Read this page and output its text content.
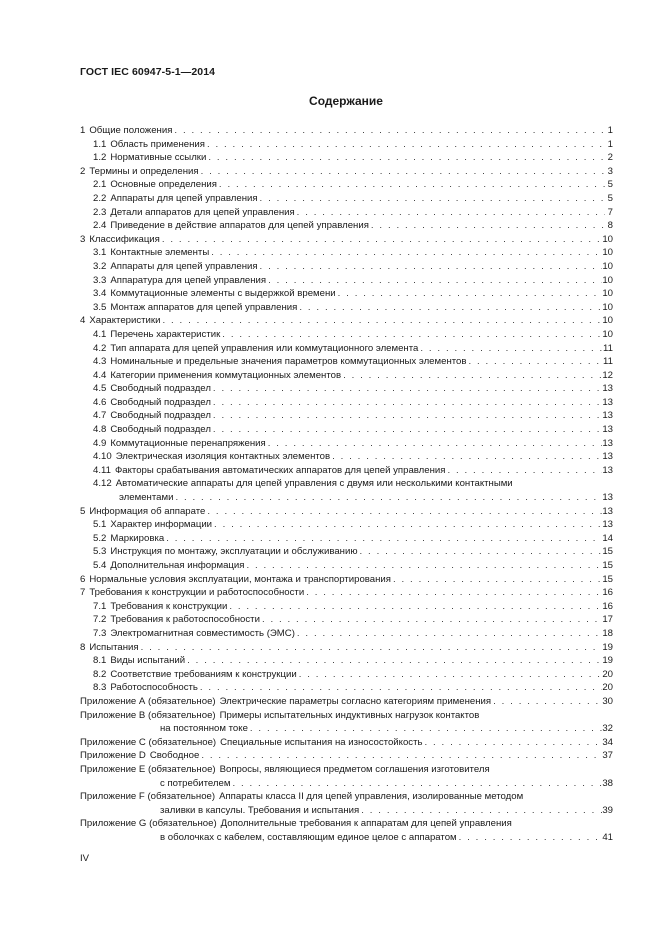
ГОСТ IEC 60947-5-1—2014
Содержание
1 Общие положения . . .	1
1.1 Область применения . . .	1
1.2 Нормативные ссылки . . .	2
2 Термины и определения . . .	3
2.1 Основные определения . . .	5
2.2 Аппараты для цепей управления . . .	5
2.3 Детали аппаратов для цепей управления . . .	7
2.4 Приведение в действие аппаратов для цепей управления . . .	8
3 Классификация . . .	10
3.1 Контактные элементы . . .	10
3.2 Аппараты для цепей управления . . .	10
3.3 Аппаратура для цепей управления . . .	10
3.4 Коммутационные элементы с выдержкой времени . . .	10
3.5 Монтаж аппаратов для цепей управления . . .	10
4 Характеристики . . .	10
4.1 Перечень характеристик . . .	10
4.2 Тип аппарата для цепей управления или коммутационного элемента . . .	11
4.3 Номинальные и предельные значения параметров коммутационных элементов . . .	11
4.4 Категории применения коммутационных элементов . . .	12
4.5 Свободный подраздел . . .	13
4.6 Свободный подраздел . . .	13
4.7 Свободный подраздел . . .	13
4.8 Свободный подраздел . . .	13
4.9 Коммутационные перенапряжения . . .	13
4.10 Электрическая изоляция контактных элементов . . .	13
4.11 Факторы срабатывания автоматических аппаратов для цепей управления . . .	13
4.12 Автоматические аппараты для цепей управления с двумя или несколькими контактными
элементами . . .	13
5 Информация об аппарате . . .	13
5.1 Характер информации . . .	13
5.2 Маркировка . . .	14
5.3 Инструкция по монтажу, эксплуатации и обслуживанию . . .	15
5.4 Дополнительная информация . . .	15
6 Нормальные условия эксплуатации, монтажа и транспортирования . . .	15
7 Требования к конструкции и работоспособности . . .	16
7.1 Требования к конструкции . . .	16
7.2 Требования к работоспособности . . .	17
7.3 Электромагнитная совместимость (ЭМС) . . .	18
8 Испытания . . .	19
8.1 Виды испытаний . . .	19
8.2 Соответствие требованиям к конструкции . . .	20
8.3 Работоспособность . . .	20
Приложение А (обязательное) Электрические параметры согласно категориям применения . . .	30
Приложение В (обязательное) Примеры испытательных индуктивных нагрузок контактов
на постоянном токе . . .	32
Приложение С (обязательное) Специальные испытания на износостойкость . . .	34
Приложение D Свободное . . .	37
Приложение Е (обязательное) Вопросы, являющиеся предметом соглашения изготовителя
с потребителем . . .	38
Приложение F (обязательное) Аппараты класса II для цепей управления, изолированные методом
заливки в капсулы. Требования и испытания . . .	39
Приложение G (обязательное) Дополнительные требования к аппаратам для цепей управления
в оболочках с кабелем, составляющим единое целое с аппаратом . . .	41
IV
